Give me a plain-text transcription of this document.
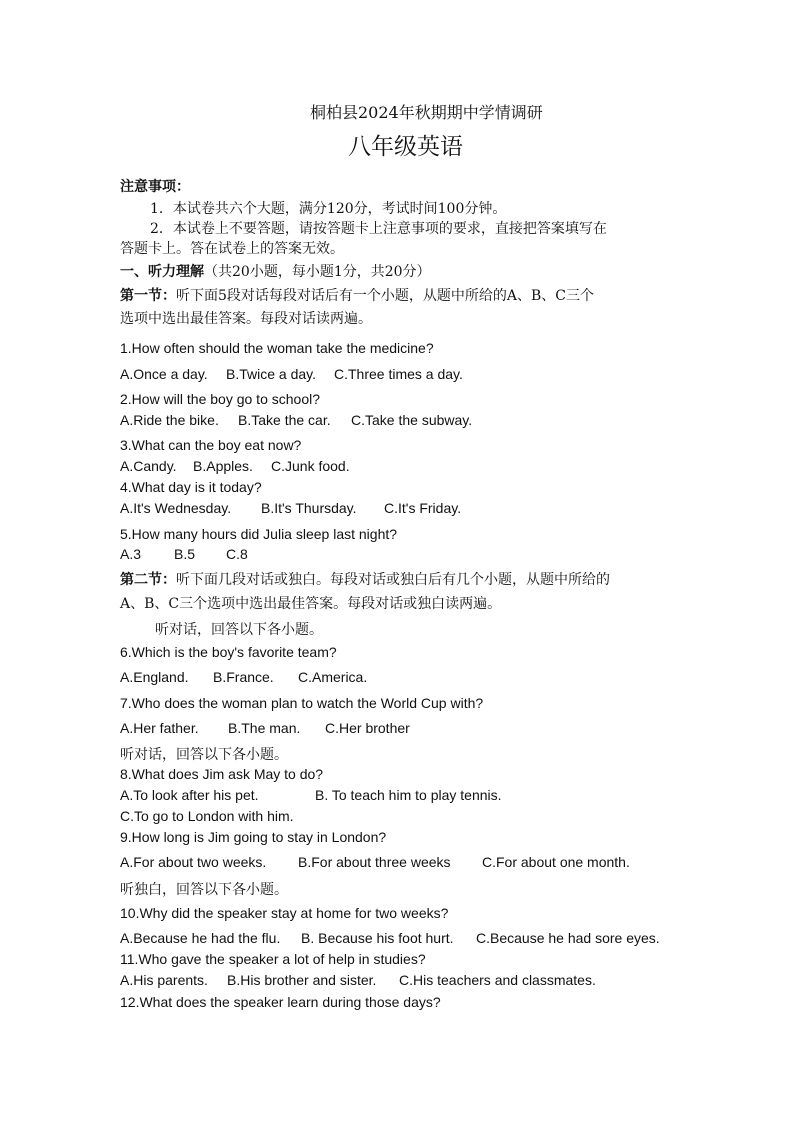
桐柏县2024年秋期期中学情调研
八年级英语
注意事项：
1．本试卷共六个大题，满分120分，考试时间100分钟。
2．本试卷上不要答题，请按答题卡上注意事项的要求，直接把答案填写在
答题卡上。答在试卷上的答案无效。
一、听力理解（共20小题，每小题1分，共20分）
第一节：听下面5段对话每段对话后有一个小题，从题中所给的A、B、C三个
选项中选出最佳答案。每段对话读两遍。
1.How often should the woman take the medicine?
A.Once a day. B.Twice a day. C.Three times a day.
2.How will the boy go to school?
A.Ride the bike. B.Take the car. C.Take the subway.
3.What can the boy eat now?
A.Candy. B.Apples. C.Junk food.
4.What day is it today?
A.It's Wednesday. B.It's Thursday. C.It's Friday.
5.How many hours did Julia sleep last night?
A.3 B.5 C.8
第二节：听下面几段对话或独白。每段对话或独白后有几个小题，从题中所给的
A、B、C三个选项中选出最佳答案。每段对话或独白读两遍。
听对话，回答以下各小题。
6.Which is the boy's favorite team?
A.England. B.France. C.America.
7.Who does the woman plan to watch the World Cup with?
A.Her father. B.The man. C.Her brother
听对话，回答以下各小题。
8.What does Jim ask May to do?
A.To look after his pet.	B. To teach him to play tennis.
C.To go to London with him.
9.How long is Jim going to stay in London?
A.For about two weeks. B.For about three weeks C.For about one month.
听独白，回答以下各小题。
10.Why did the speaker stay at home for two weeks?
A.Because he had the flu. B. Because his foot hurt. C.Because he had sore eyes.
11.Who gave the speaker a lot of help in studies?
A.His parents. B.His brother and sister. C.His teachers and classmates.
12.What does the speaker learn during those days?
